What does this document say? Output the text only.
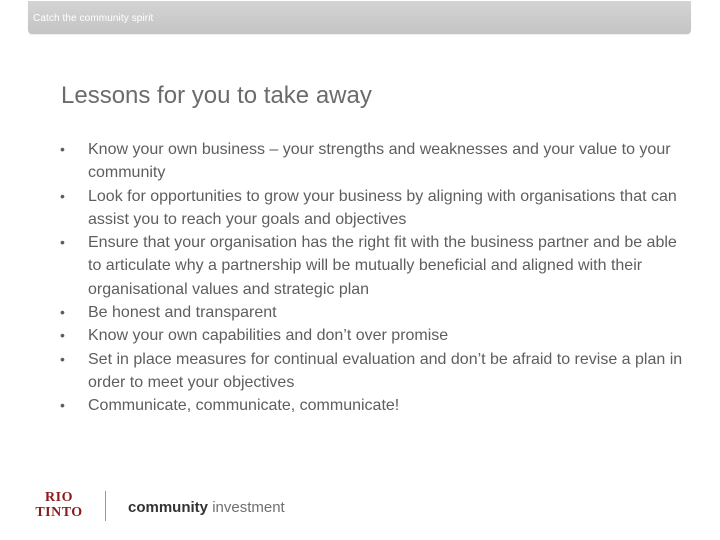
Catch the community spirit
Lessons for you to take away
• Know your own business – your strengths and weaknesses and your value to your community
• Look for opportunities to grow your business by aligning with organisations that can assist you to reach your goals and objectives
• Ensure that your organisation has the right fit with the business partner and be able to articulate why a partnership will be mutually beneficial and aligned with their organisational values and strategic plan
• Be honest and transparent
• Know your own capabilities and don’t over promise
• Set in place measures for continual evaluation and don’t be afraid to revise a plan in order to meet your objectives
• Communicate, communicate, communicate!
RIO
TINTO	community investment
